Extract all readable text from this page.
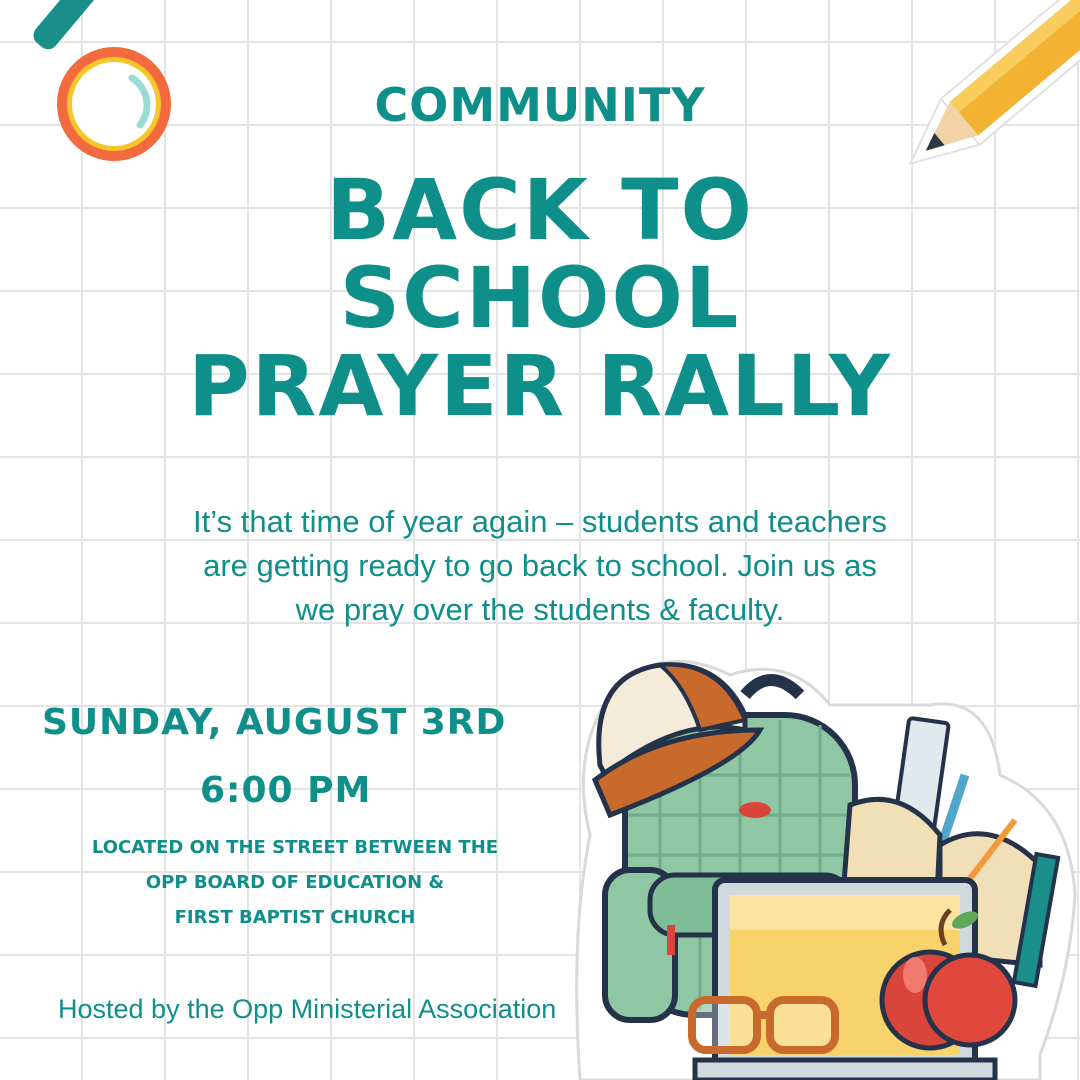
COMMUNITY

BACK TO
SCHOOL
PRAYER RALLY
It’s that time of year again – students and teachers
are getting ready to go back to school. Join us as
we pray over the students & faculty.

SUNDAY, AUGUST 3RD

6:00 PM

LOCATED ON THE STREET BETWEEN THE
OPP BOARD OF EDUCATION &
FIRST BAPTIST CHURCH

Hosted by the Opp Ministerial Association
